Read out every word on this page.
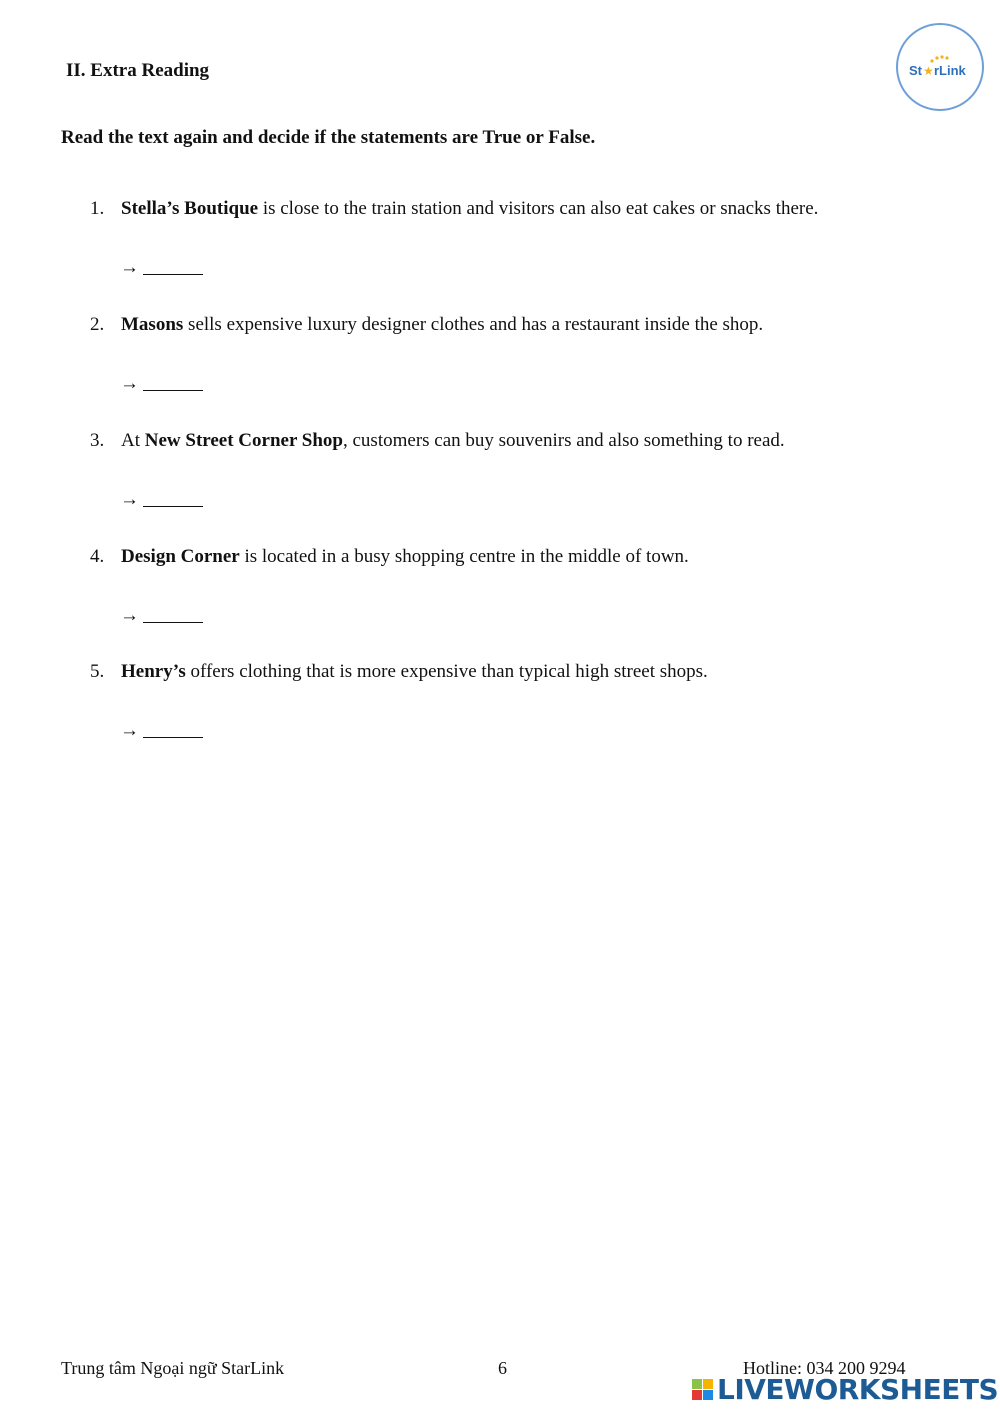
II. Extra Reading	St ★ rLink
Read the text again and decide if the statements are True or False.
1. Stella’s Boutique is close to the train station and visitors can also eat cakes or snacks there.
→
2. Masons sells expensive luxury designer clothes and has a restaurant inside the shop.
→
3. At New Street Corner Shop, customers can buy souvenirs and also something to read.
→
4. Design Corner is located in a busy shopping centre in the middle of town.
→
5. Henry’s offers clothing that is more expensive than typical high street shops.
→
Trung tâm Ngoại ngữ StarLink	6	Hotline: 034 200 9294
LIVEWORKSHEETS
